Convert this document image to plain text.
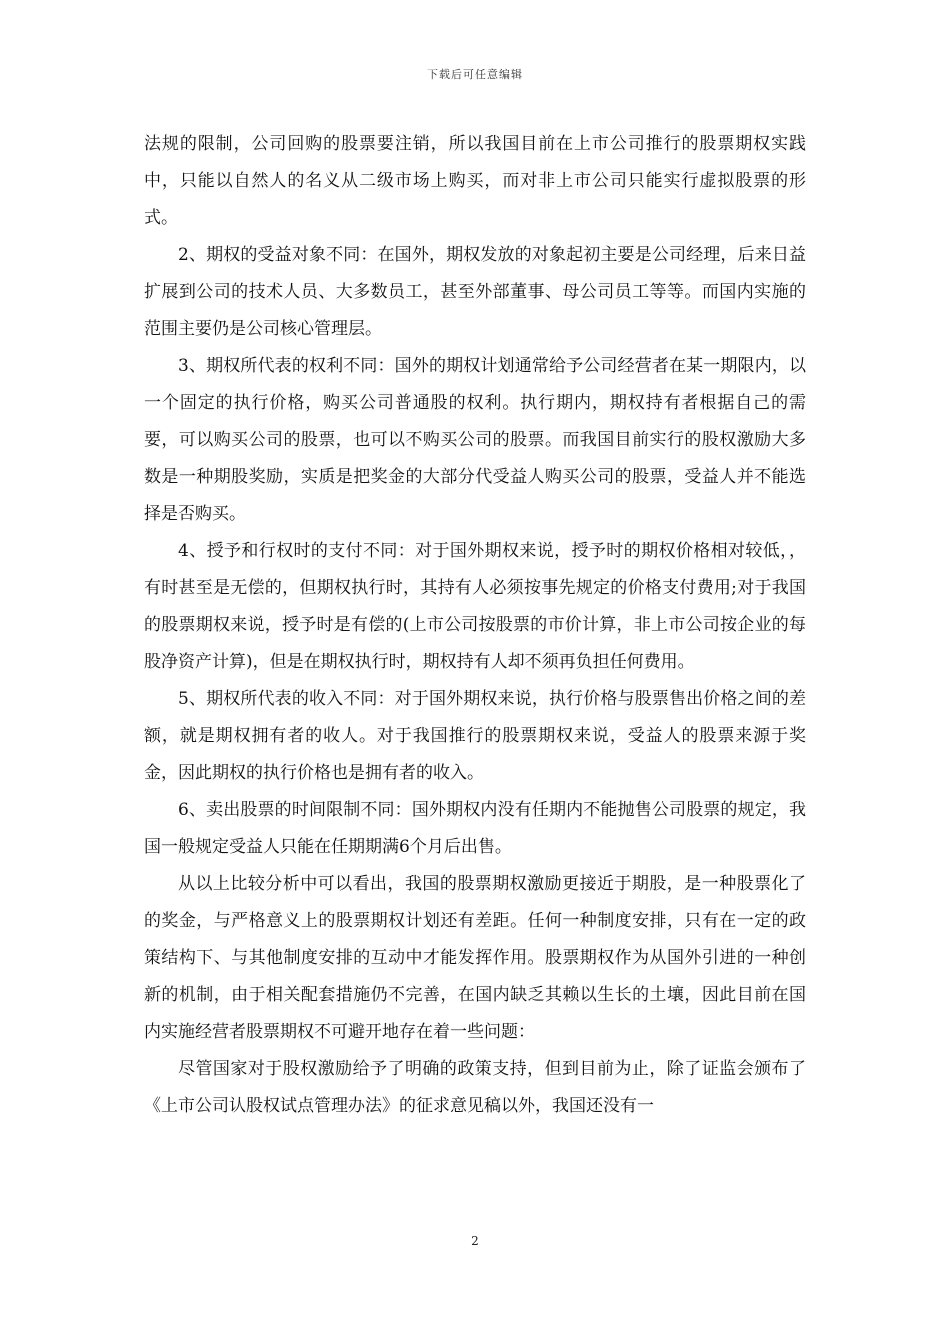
下载后可任意编辑

法规的限制，公司回购的股票要注销，所以我国目前在上市公司推行的股票期权实践中，只能以自然人的名义从二级市场上购买，而对非上市公司只能实行虚拟股票的形式。

2、期权的受益对象不同：在国外，期权发放的对象起初主要是公司经理，后来日益扩展到公司的技术人员、大多数员工，甚至外部董事、母公司员工等等。而国内实施的范围主要仍是公司核心管理层。

3、期权所代表的权利不同：国外的期权计划通常给予公司经营者在某一期限内，以一个固定的执行价格，购买公司普通股的权利。执行期内，期权持有者根据自己的需要，可以购买公司的股票，也可以不购买公司的股票。而我国目前实行的股权激励大多数是一种期股奖励，实质是把奖金的大部分代受益人购买公司的股票，受益人并不能选择是否购买。

4、授予和行权时的支付不同：对于国外期权来说，授予时的期权价格相对较低，，有时甚至是无偿的，但期权执行时，其持有人必须按事先规定的价格支付费用;对于我国的股票期权来说，授予时是有偿的(上市公司按股票的市价计算，非上市公司按企业的每股净资产计算)，但是在期权执行时，期权持有人却不须再负担任何费用。

5、期权所代表的收入不同：对于国外期权来说，执行价格与股票售出价格之间的差额，就是期权拥有者的收人。对于我国推行的股票期权来说，受益人的股票来源于奖金，因此期权的执行价格也是拥有者的收入。

6、卖出股票的时间限制不同：国外期权内没有任期内不能抛售公司股票的规定，我国一般规定受益人只能在任期期满6个月后出售。

从以上比较分析中可以看出，我国的股票期权激励更接近于期股，是一种股票化了的奖金，与严格意义上的股票期权计划还有差距。任何一种制度安排，只有在一定的政策结构下、与其他制度安排的互动中才能发挥作用。股票期权作为从国外引进的一种创新的机制，由于相关配套措施仍不完善，在国内缺乏其赖以生长的土壤，因此目前在国内实施经营者股票期权不可避开地存在着一些问题：

尽管国家对于股权激励给予了明确的政策支持，但到目前为止，除了证监会颁布了《上市公司认股权试点管理办法》的征求意见稿以外，我国还没有一

2
